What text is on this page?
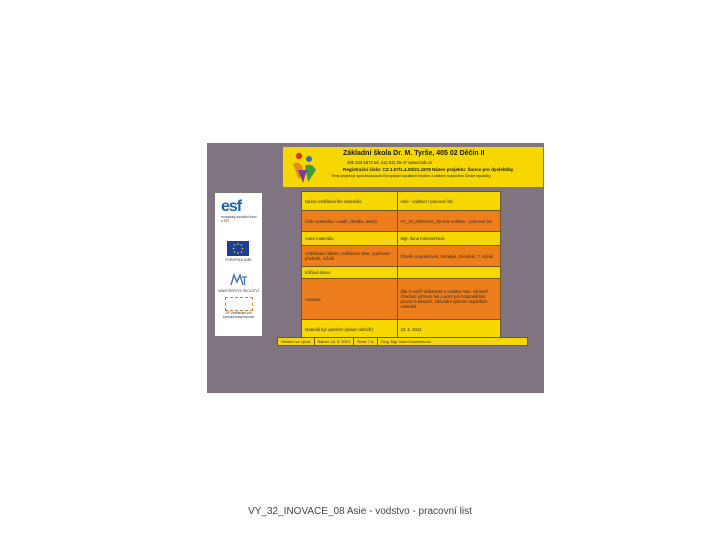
esf
evropský sociální fond v ČR
EVROPSKÁ UNIE
MINISTERSTVO ŠKOLSTVÍ
OP Vzdělávání pro konkurenceschopnost
Základní škola Dr. M. Tyrše, 405 02 Děčín II
405 334-1873 tel. 412 511 05 47 www.zsdc.cz
Registrační číslo: CZ.1.07/1.4.00/21.1879 Název projektu: Šance pro dyslektiky
Tento projekt je spolufinancován Evropským sociálním fondem a státním rozpočtem České republiky.
Název vzdělávacího materiálu:	Asie - vodstvo / pracovní list
Číslo materiálu, v sadě, zkratka, autor):	VY_32_INOVACE_08 Asie vodstvo - pracovní list
Autor materiálu:	Mgr. Ilona Kolomerková
Vzdělávací oblast, vzdělávací obor, vyučovací předmět, ročník	Člověk a společnost, Zeměpis, Zeměpis, 7. ročník
Klíčová slova:	
Anotace:	Žák si ověří vědomosti o vodstvu Asie, zároveň zhodnotí význam řek a jezer pro hospodářství, provoz a bezpečí, zdůvodní význam největších veletoků
Materiál byl vytvořen (datum akt/UŠ):	23. 5. 2013
Ověření ve výuce	Datum: 24. 5. 2013	Třída: 7.A	©Ing. Mgr. Ilona Kolomerková
VY_32_INOVACE_08 Asie - vodstvo - pracovní list
